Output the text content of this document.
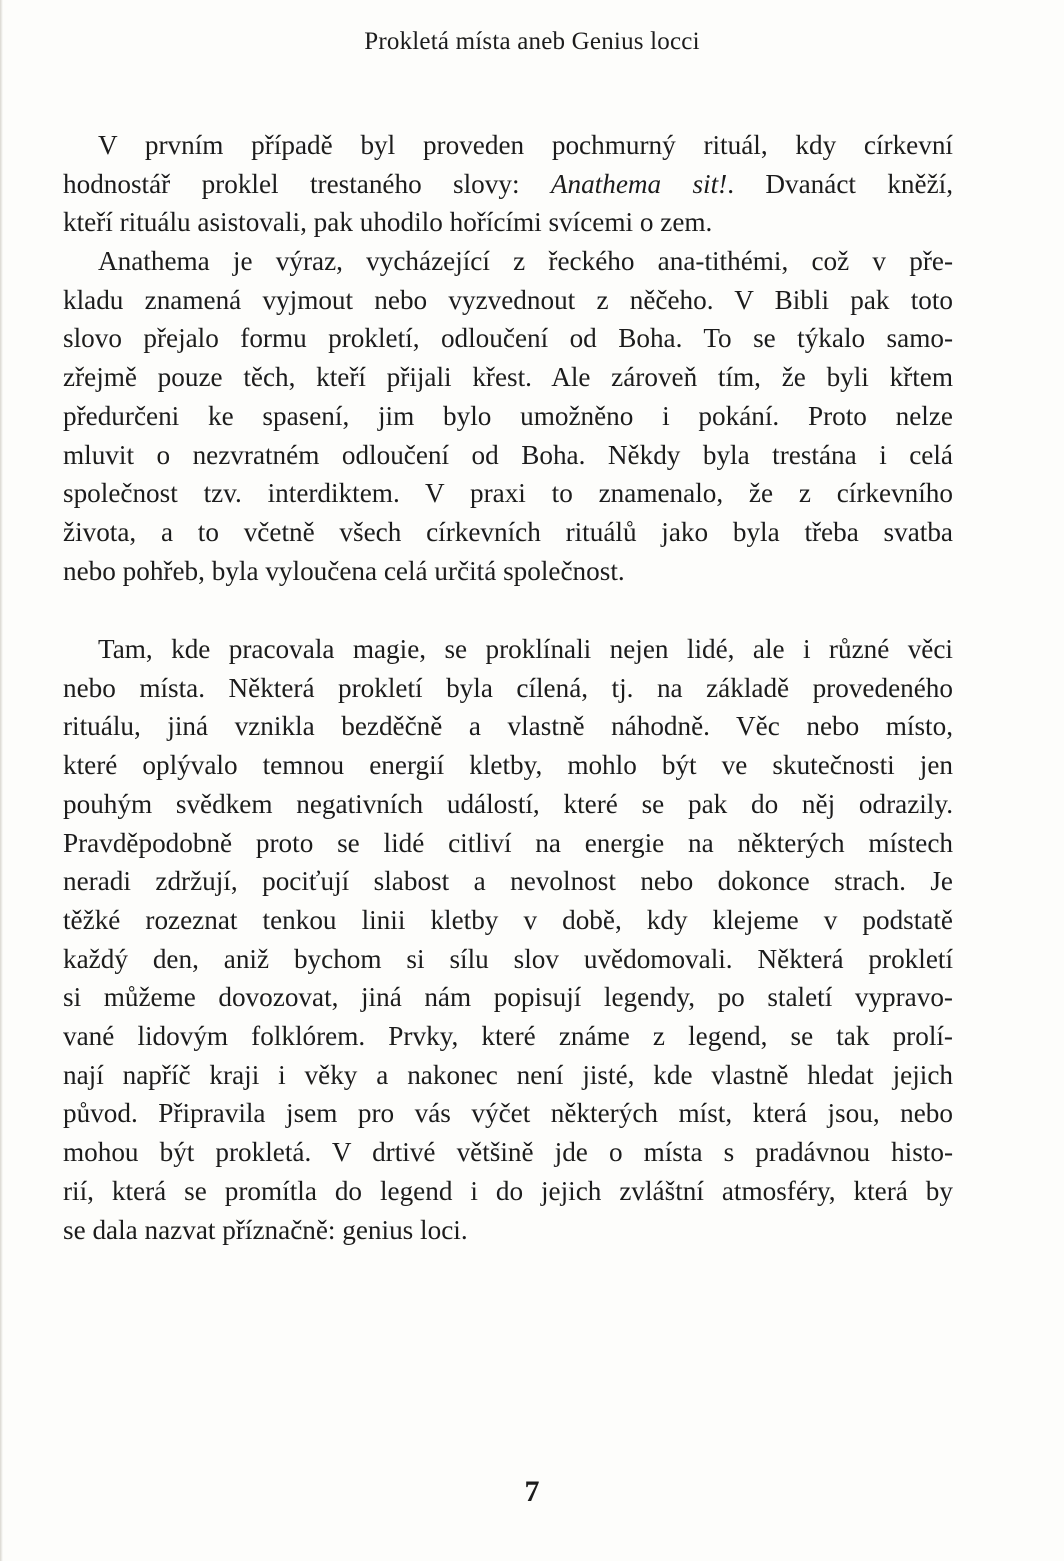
Prokletá místa aneb Genius locci
V prvním případě byl proveden pochmurný rituál, kdy církevní
hodnostář proklel trestaného slovy: Anathema sit!. Dvanáct kněží,
kteří rituálu asistovali, pak uhodilo hořícími svícemi o zem.
Anathema je výraz, vycházející z řeckého ana-tithémi, což v pře-
kladu znamená vyjmout nebo vyzvednout z něčeho. V Bibli pak toto
slovo přejalo formu prokletí, odloučení od Boha. To se týkalo samo-
zřejmě pouze těch, kteří přijali křest. Ale zároveň tím, že byli křtem
předurčeni ke spasení, jim bylo umožněno i pokání. Proto nelze
mluvit o nezvratném odloučení od Boha. Někdy byla trestána i celá
společnost tzv. interdiktem. V praxi to znamenalo, že z církevního
života, a to včetně všech církevních rituálů jako byla třeba svatba
nebo pohřeb, byla vyloučena celá určitá společnost.
Tam, kde pracovala magie, se proklínali nejen lidé, ale i různé věci
nebo místa. Některá prokletí byla cílená, tj. na základě provedeného
rituálu, jiná vznikla bezděčně a vlastně náhodně. Věc nebo místo,
které oplývalo temnou energií kletby, mohlo být ve skutečnosti jen
pouhým svědkem negativních událostí, které se pak do něj odrazily.
Pravděpodobně proto se lidé citliví na energie na některých místech
neradi zdržují, pociťují slabost a nevolnost nebo dokonce strach. Je
těžké rozeznat tenkou linii kletby v době, kdy klejeme v podstatě
každý den, aniž bychom si sílu slov uvědomovali. Některá prokletí
si můžeme dovozovat, jiná nám popisují legendy, po staletí vypravo-
vané lidovým folklórem. Prvky, které známe z legend, se tak prolí-
nají napříč kraji i věky a nakonec není jisté, kde vlastně hledat jejich
původ. Připravila jsem pro vás výčet některých míst, která jsou, nebo
mohou být prokletá. V drtivé většině jde o místa s pradávnou histo-
rií, která se promítla do legend i do jejich zvláštní atmosféry, která by
se dala nazvat příznačně: genius loci.
7
